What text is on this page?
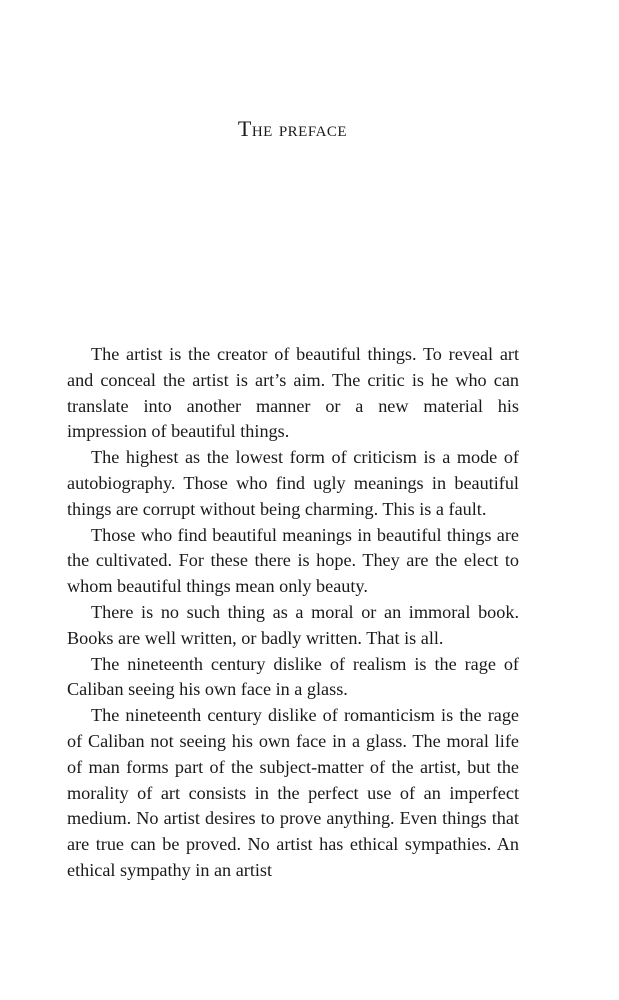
The preface

The artist is the creator of beautiful things. To reveal art and conceal the artist is art’s aim. The critic is he who can translate into another manner or a new material his impression of beautiful things.

The highest as the lowest form of criticism is a mode of autobiography. Those who find ugly meanings in beautiful things are corrupt without being charming. This is a fault.

Those who find beautiful meanings in beautiful things are the cultivated. For these there is hope. They are the elect to whom beautiful things mean only beauty.

There is no such thing as a moral or an immoral book. Books are well written, or badly written. That is all.

The nineteenth century dislike of realism is the rage of Caliban seeing his own face in a glass.

The nineteenth century dislike of romanticism is the rage of Caliban not seeing his own face in a glass. The moral life of man forms part of the subject-matter of the artist, but the morality of art consists in the perfect use of an imperfect medium. No artist desires to prove anything. Even things that are true can be proved. No artist has ethical sympathies. An ethical sympathy in an artist
